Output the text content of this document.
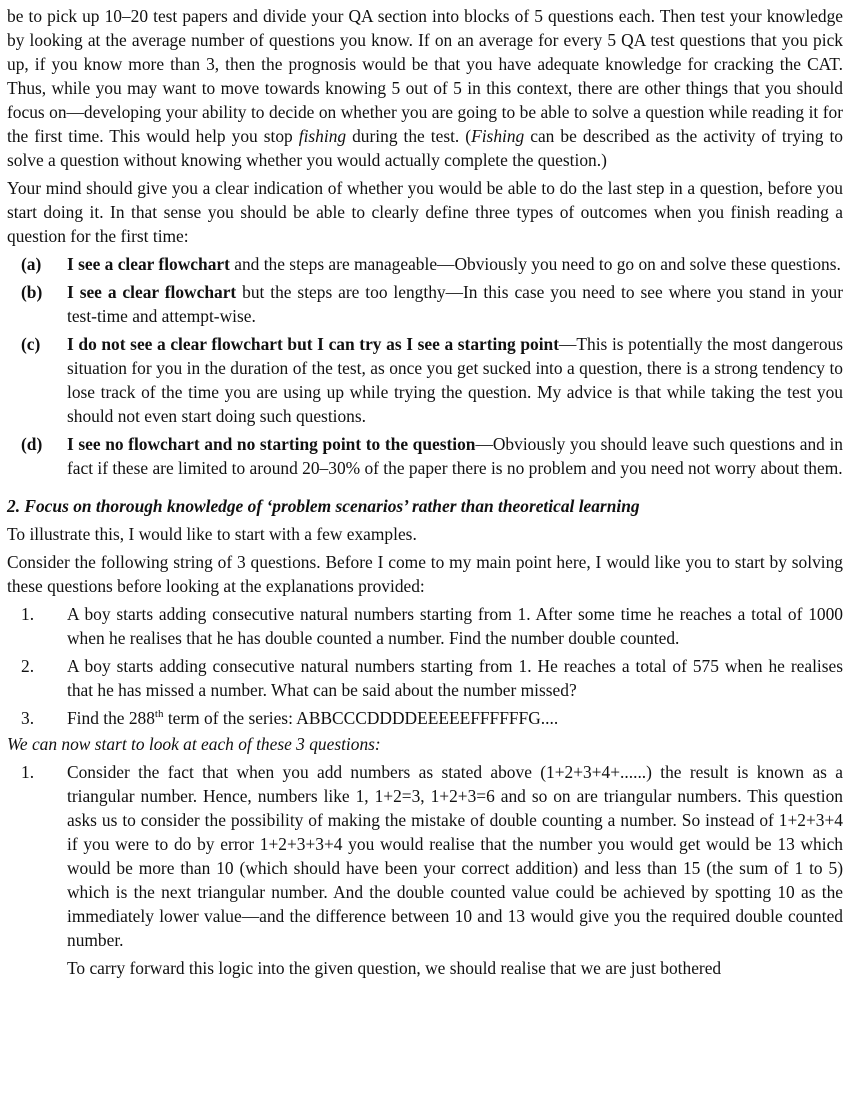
be to pick up 10–20 test papers and divide your QA section into blocks of 5 questions each. Then test your knowledge by looking at the average number of questions you know. If on an average for every 5 QA test questions that you pick up, if you know more than 3, then the prognosis would be that you have adequate knowledge for cracking the CAT. Thus, while you may want to move towards knowing 5 out of 5 in this context, there are other things that you should focus on—developing your ability to decide on whether you are going to be able to solve a question while reading it for the first time. This would help you stop fishing during the test. (Fishing can be described as the activity of trying to solve a question without knowing whether you would actually complete the question.)

Your mind should give you a clear indication of whether you would be able to do the last step in a question, before you start doing it. In that sense you should be able to clearly define three types of outcomes when you finish reading a question for the first time:

(a)	I see a clear flowchart and the steps are manageable—Obviously you need to go on and solve these questions.
(b)	I see a clear flowchart but the steps are too lengthy—In this case you need to see where you stand in your test-time and attempt-wise.
(c)	I do not see a clear flowchart but I can try as I see a starting point—This is potentially the most dangerous situation for you in the duration of the test, as once you get sucked into a question, there is a strong tendency to lose track of the time you are using up while trying the question. My advice is that while taking the test you should not even start doing such questions.
(d)	I see no flowchart and no starting point to the question—Obviously you should leave such questions and in fact if these are limited to around 20–30% of the paper there is no problem and you need not worry about them.

2. Focus on thorough knowledge of ‘problem scenarios’ rather than theoretical learning

To illustrate this, I would like to start with a few examples.

Consider the following string of 3 questions. Before I come to my main point here, I would like you to start by solving these questions before looking at the explanations provided:

1.	A boy starts adding consecutive natural numbers starting from 1. After some time he reaches a total of 1000 when he realises that he has double counted a number. Find the number double counted.
2.	A boy starts adding consecutive natural numbers starting from 1. He reaches a total of 575 when he realises that he has missed a number. What can be said about the number missed?
3.	Find the 288th term of the series: ABBCCCDDDDEEEEEFFFFFFG....

We can now start to look at each of these 3 questions:

1.	Consider the fact that when you add numbers as stated above (1+2+3+4+......) the result is known as a triangular number. Hence, numbers like 1, 1+2=3, 1+2+3=6 and so on are triangular numbers. This question asks us to consider the possibility of making the mistake of double counting a number. So instead of 1+2+3+4 if you were to do by error 1+2+3+3+4 you would realise that the number you would get would be 13 which would be more than 10 (which should have been your correct addition) and less than 15 (the sum of 1 to 5) which is the next triangular number. And the double counted value could be achieved by spotting 10 as the immediately lower value—and the difference between 10 and 13 would give you the required double counted number.

To carry forward this logic into the given question, we should realise that we are just bothered
